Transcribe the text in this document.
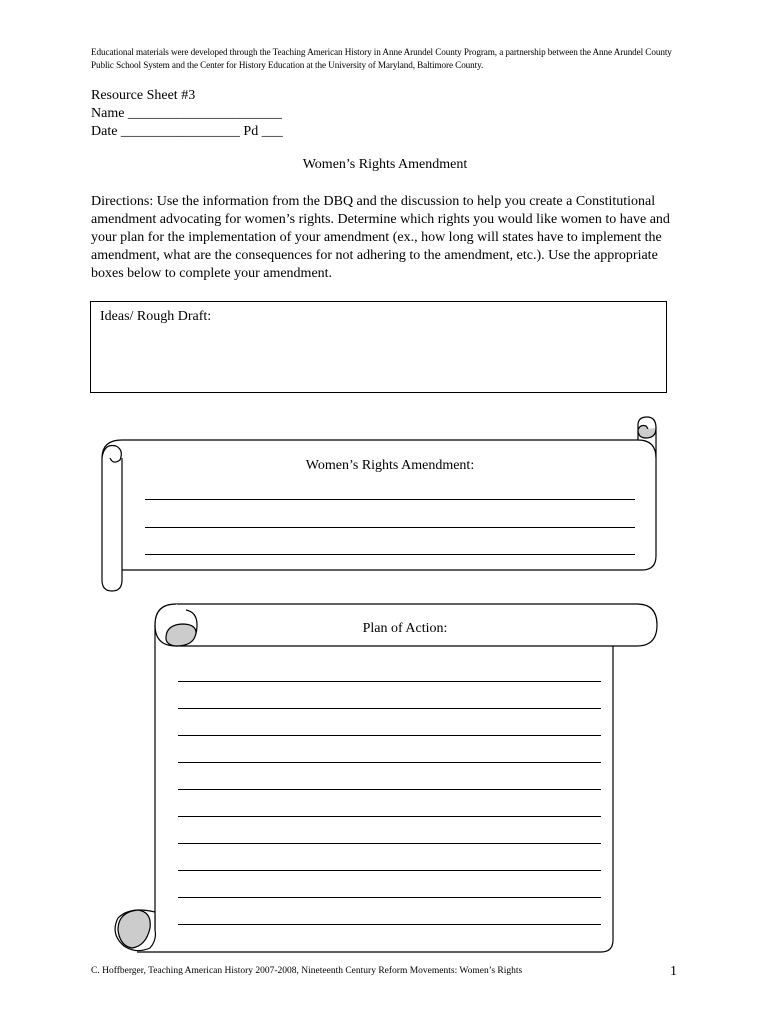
Educational materials were developed through the Teaching American History in Anne Arundel County Program, a partnership between the Anne Arundel County Public School System and the Center for History Education at the University of Maryland, Baltimore County.
Resource Sheet #3
Name ______________________
Date _________________ Pd ___
Women’s Rights Amendment
Directions: Use the information from the DBQ and the discussion to help you create a Constitutional amendment advocating for women’s rights. Determine which rights you would like women to have and your plan for the implementation of your amendment (ex., how long will states have to implement the amendment, what are the consequences for not adhering to the amendment, etc.). Use the appropriate boxes below to complete your amendment.
Ideas/ Rough Draft:
Women’s Rights Amendment:
Plan of Action:
C. Hoffberger, Teaching American History 2007-2008, Nineteenth Century Reform Movements: Women’s Rights	1
